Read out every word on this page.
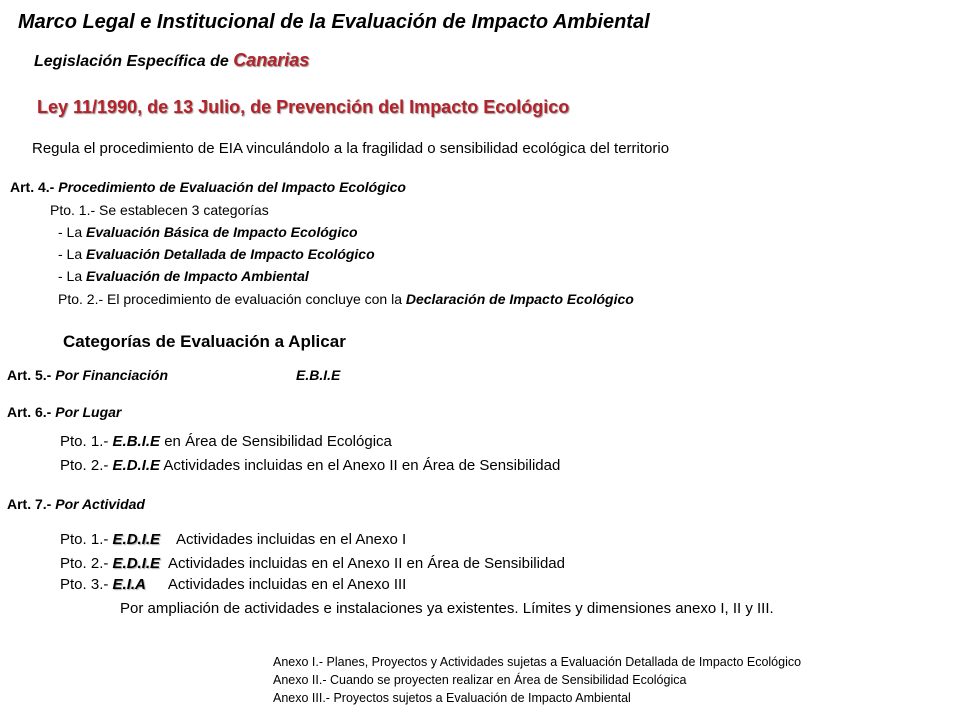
Marco Legal e Institucional de la Evaluación de Impacto Ambiental
Legislación Específica de Canarias
Ley 11/1990, de 13 Julio, de Prevención del Impacto Ecológico
Regula el procedimiento de EIA vinculándolo a la fragilidad o sensibilidad ecológica del territorio
Art. 4.- Procedimiento de Evaluación del Impacto Ecológico
Pto. 1.- Se establecen 3 categorías
- La Evaluación Básica de Impacto Ecológico
- La Evaluación Detallada de Impacto Ecológico
- La Evaluación de Impacto Ambiental
Pto. 2.- El procedimiento de evaluación concluye con la Declaración de Impacto Ecológico
Categorías de Evaluación a Aplicar
Art. 5.- Por Financiación	E.B.I.E
Art. 6.- Por Lugar
Pto. 1.- E.B.I.E en Área de Sensibilidad Ecológica
Pto. 2.- E.D.I.E Actividades incluidas en el Anexo II en Área de Sensibilidad
Art. 7.- Por Actividad
Pto. 1.- E.D.I.E Actividades incluidas en el Anexo I
Pto. 2.- E.D.I.E Actividades incluidas en el Anexo II en Área de Sensibilidad
Pto. 3.- E.I.A Actividades incluidas en el Anexo III
Por ampliación de actividades e instalaciones ya existentes. Límites y dimensiones anexo I, II y III.
Anexo I.- Planes, Proyectos y Actividades sujetas a Evaluación Detallada de Impacto Ecológico
Anexo II.- Cuando se proyecten realizar en Área de Sensibilidad Ecológica
Anexo III.- Proyectos sujetos a Evaluación de Impacto Ambiental
